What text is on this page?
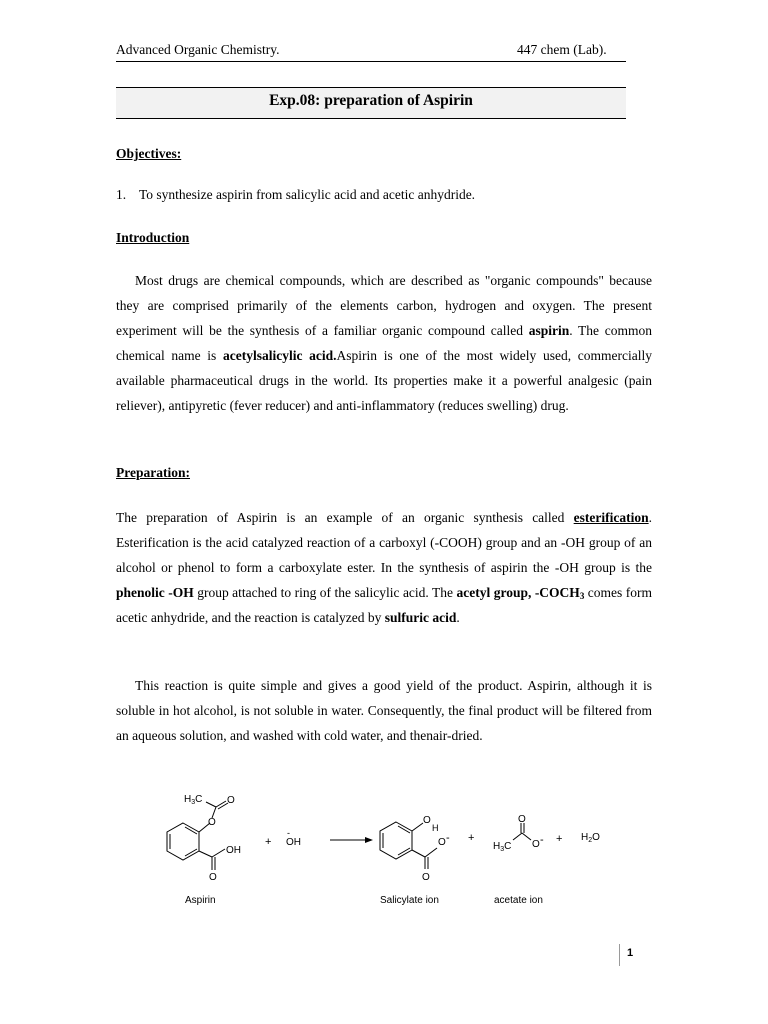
Advanced Organic Chemistry.	447 chem (Lab).
Exp.08: preparation of Aspirin
Objectives:
1. To synthesize aspirin from salicylic acid and acetic anhydride.
Introduction

Most drugs are chemical compounds, which are described as "organic compounds" because they are comprised primarily of the elements carbon, hydrogen and oxygen. The present experiment will be the synthesis of a familiar organic compound called aspirin. The common chemical name is acetylsalicylic acid.Aspirin is one of the most widely used, commercially available pharmaceutical drugs in the world. Its properties make it a powerful analgesic (pain reliever), antipyretic (fever reducer) and anti-inflammatory (reduces swelling) drug.

Preparation:

The preparation of Aspirin is an example of an organic synthesis called esterification. Esterification is the acid catalyzed reaction of a carboxyl (-COOH) group and an -OH group of an alcohol or phenol to form a carboxylate ester. In the synthesis of aspirin the -OH group is the phenolic -OH group attached to ring of the salicylic acid. The acetyl group, $-COCH_3$ comes form acetic anhydride, and the reaction is catalyzed by sulfuric acid.

This reaction is quite simple and gives a good yield of the product. Aspirin, although it is soluble in hot alcohol, is not soluble in water. Consequently, the final product will be filtered from an aqueous solution, and washed with cold water, and thenair-dried.

$H_3C$ O
O
OH
O
+
-
OH
O
H
O -
O
+
O
$H_3C$ O - + $H_2O$
Aspirin	Salicylate ion	acetate ion
1
